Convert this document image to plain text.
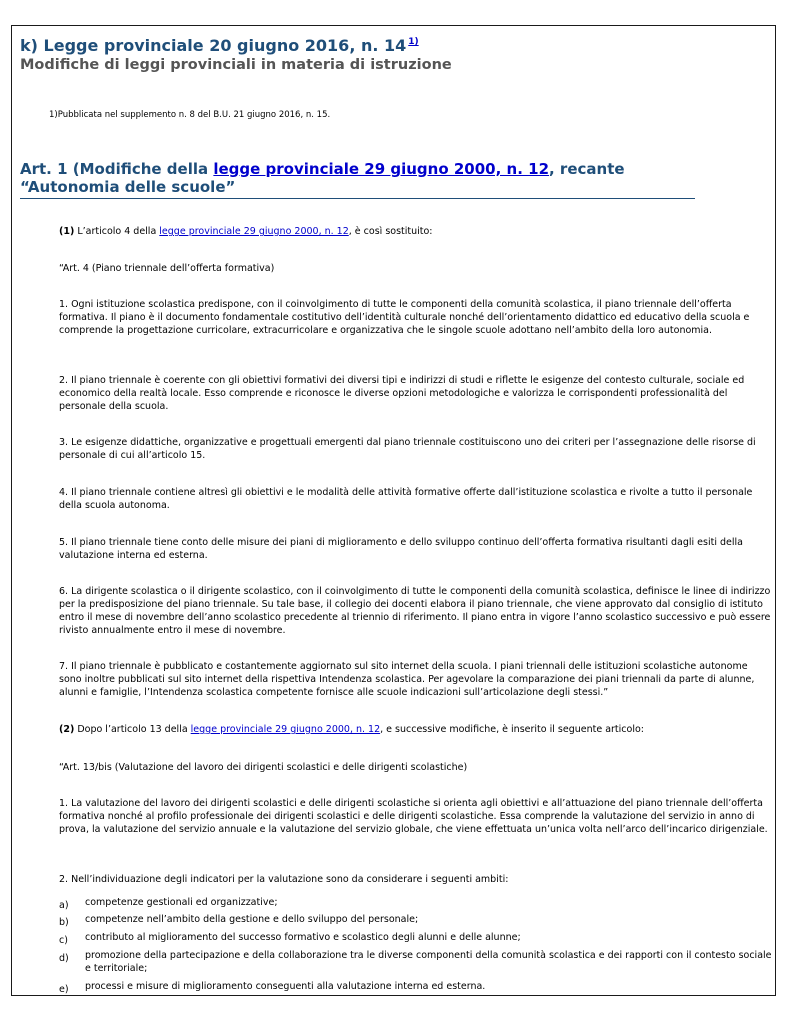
k) Legge provinciale 20 giugno 2016, n. 14 $^{1)}$
Modifiche di leggi provinciali in materia di istruzione
1)Pubblicata nel supplemento n. 8 del B.U. 21 giugno 2016, n. 15.
Art. 1 (Modifiche della legge provinciale 29 giugno 2000, n. 12, recante
“Autonomia delle scuole”
(1) L’articolo 4 della legge provinciale 29 giugno 2000, n. 12, è così sostituito:
“Art. 4 (Piano triennale dell’offerta formativa)
1. Ogni istituzione scolastica predispone, con il coinvolgimento di tutte le componenti della comunità scolastica, il piano triennale dell’offerta formativa. Il piano è il documento fondamentale costitutivo dell’identità culturale nonché dell’orientamento didattico ed educativo della scuola e comprende la progettazione curricolare, extracurricolare e organizzativa che le singole scuole adottano nell’ambito della loro autonomia.
2. Il piano triennale è coerente con gli obiettivi formativi dei diversi tipi e indirizzi di studi e riflette le esigenze del contesto culturale, sociale ed economico della realtà locale. Esso comprende e riconosce le diverse opzioni metodologiche e valorizza le corrispondenti professionalità del personale della scuola.
3. Le esigenze didattiche, organizzative e progettuali emergenti dal piano triennale costituiscono uno dei criteri per l’assegnazione delle risorse di personale di cui all’articolo 15.
4. Il piano triennale contiene altresì gli obiettivi e le modalità delle attività formative offerte dall’istituzione scolastica e rivolte a tutto il personale della scuola autonoma.
5. Il piano triennale tiene conto delle misure dei piani di miglioramento e dello sviluppo continuo dell’offerta formativa risultanti dagli esiti della valutazione interna ed esterna.
6. La dirigente scolastica o il dirigente scolastico, con il coinvolgimento di tutte le componenti della comunità scolastica, definisce le linee di indirizzo per la predisposizione del piano triennale. Su tale base, il collegio dei docenti elabora il piano triennale, che viene approvato dal consiglio di istituto entro il mese di novembre dell’anno scolastico precedente al triennio di riferimento. Il piano entra in vigore l’anno scolastico successivo e può essere rivisto annualmente entro il mese di novembre.
7. Il piano triennale è pubblicato e costantemente aggiornato sul sito internet della scuola. I piani triennali delle istituzioni scolastiche autonome sono inoltre pubblicati sul sito internet della rispettiva Intendenza scolastica. Per agevolare la comparazione dei piani triennali da parte di alunne, alunni e famiglie, l’Intendenza scolastica competente fornisce alle scuole indicazioni sull’articolazione degli stessi.”
(2) Dopo l’articolo 13 della legge provinciale 29 giugno 2000, n. 12, e successive modifiche, è inserito il seguente articolo:
“Art. 13/bis (Valutazione del lavoro dei dirigenti scolastici e delle dirigenti scolastiche)
1. La valutazione del lavoro dei dirigenti scolastici e delle dirigenti scolastiche si orienta agli obiettivi e all’attuazione del piano triennale dell’offerta formativa nonché al profilo professionale dei dirigenti scolastici e delle dirigenti scolastiche. Essa comprende la valutazione del servizio in anno di prova, la valutazione del servizio annuale e la valutazione del servizio globale, che viene effettuata un’unica volta nell’arco dell’incarico dirigenziale.
2. Nell’individuazione degli indicatori per la valutazione sono da considerare i seguenti ambiti:
a) competenze gestionali ed organizzative;
b) competenze nell’ambito della gestione e dello sviluppo del personale;
c) contributo al miglioramento del successo formativo e scolastico degli alunni e delle alunne;
d) promozione della partecipazione e della collaborazione tra le diverse componenti della comunità scolastica e dei rapporti con il contesto sociale e territoriale;
e) processi e misure di miglioramento conseguenti alla valutazione interna ed esterna.
